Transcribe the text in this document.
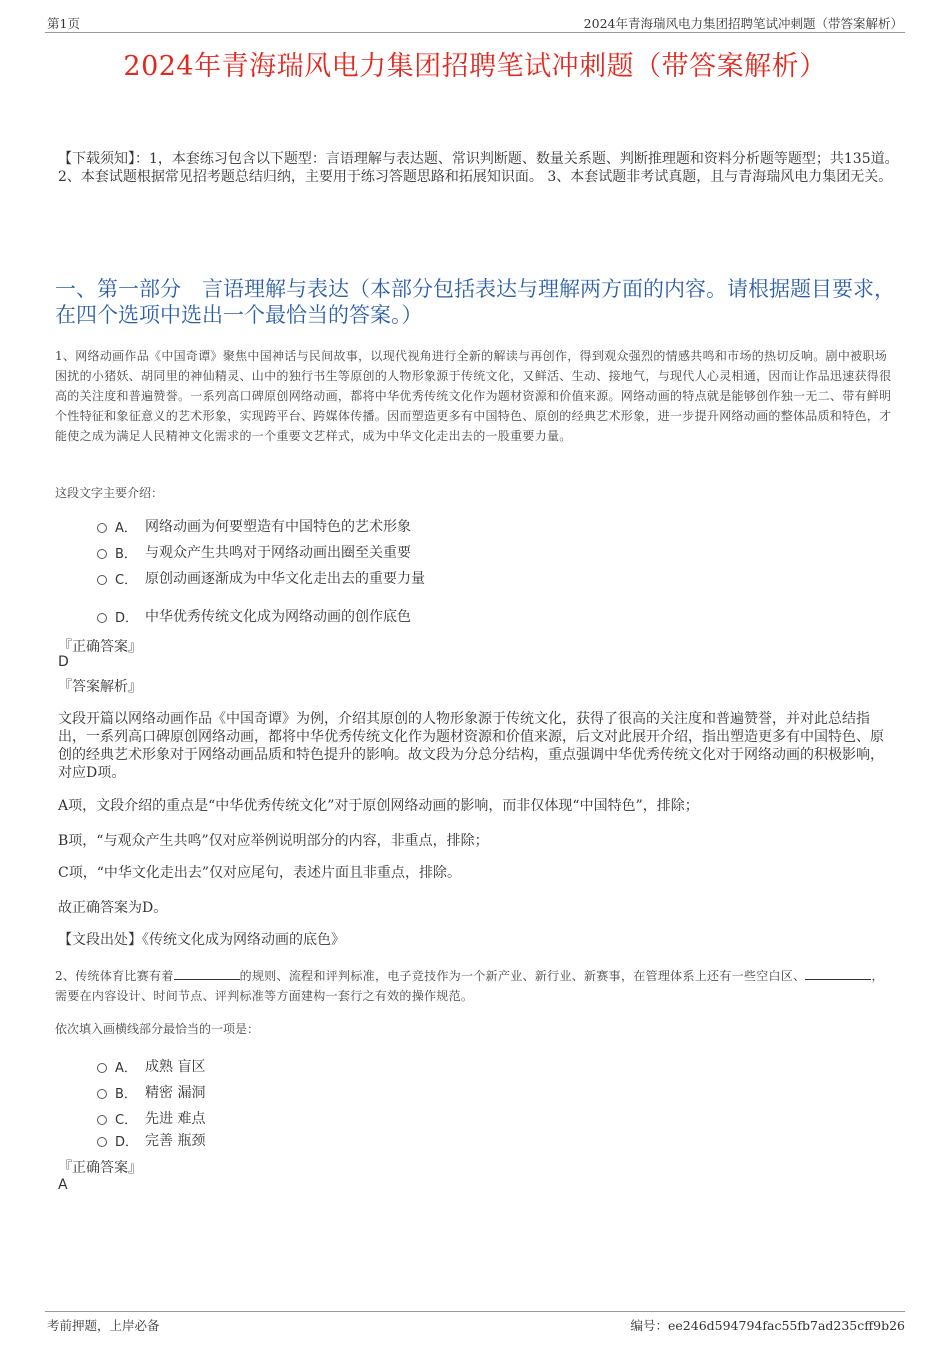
第1页	2024年青海瑞风电力集团招聘笔试冲刺题（带答案解析）
2024年青海瑞风电力集团招聘笔试冲刺题（带答案解析）
【下载须知】：1，本套练习包含以下题型：言语理解与表达题、常识判断题、数量关系题、判断推理题和资料分析题等题型；共135道。 2、本套试题根据常见招考题总结归纳，主要用于练习答题思路和拓展知识面。 3、本套试题非考试真题，且与青海瑞风电力集团无关。
一、第一部分　言语理解与表达（本部分包括表达与理解两方面的内容。请根据题目要求，在四个选项中选出一个最恰当的答案。）
1、网络动画作品《中国奇谭》聚焦中国神话与民间故事，以现代视角进行全新的解读与再创作，得到观众强烈的情感共鸣和市场的热切反响。剧中被职场困扰的小猪妖、胡同里的神仙精灵、山中的独行书生等原创的人物形象源于传统文化，又鲜活、生动、接地气，与现代人心灵相通，因而让作品迅速获得很高的关注度和普遍赞誉。一系列高口碑原创网络动画，都将中华优秀传统文化作为题材资源和价值来源。网络动画的特点就是能够创作独一无二、带有鲜明个性特征和象征意义的艺术形象，实现跨平台、跨媒体传播。因而塑造更多有中国特色、原创的经典艺术形象，进一步提升网络动画的整体品质和特色，才能使之成为满足人民精神文化需求的一个重要文艺样式，成为中华文化走出去的一股重要力量。
这段文字主要介绍：
A． 网络动画为何要塑造有中国特色的艺术形象
B． 与观众产生共鸣对于网络动画出圈至关重要
C． 原创动画逐渐成为中华文化走出去的重要力量
D． 中华优秀传统文化成为网络动画的创作底色
『正确答案』
D
『答案解析』
文段开篇以网络动画作品《中国奇谭》为例，介绍其原创的人物形象源于传统文化，获得了很高的关注度和普遍赞誉，并对此总结指出，一系列高口碑原创网络动画，都将中华优秀传统文化作为题材资源和价值来源，后文对此展开介绍，指出塑造更多有中国特色、原创的经典艺术形象对于网络动画品质和特色提升的影响。故文段为分总分结构，重点强调中华优秀传统文化对于网络动画的积极影响，对应D项。
A项，文段介绍的重点是“中华优秀传统文化”对于原创网络动画的影响，而非仅体现“中国特色”，排除；
B项，“与观众产生共鸣”仅对应举例说明部分的内容，非重点，排除；
C项，“中华文化走出去”仅对应尾句，表述片面且非重点，排除。
故正确答案为D。
【文段出处】《传统文化成为网络动画的底色》
2、传统体育比赛有着	的规则、流程和评判标准，电子竞技作为一个新产业、新行业、新赛事，在管理体系上还有一些空白区、	，需要在内容设计、时间节点、评判标准等方面建构一套行之有效的操作规范。
依次填入画横线部分最恰当的一项是：
A． 成熟 盲区
B． 精密 漏洞
C． 先进 难点
D． 完善 瓶颈
『正确答案』
A
考前押题，上岸必备	编号：ee246d594794fac55fb7ad235cff9b26
